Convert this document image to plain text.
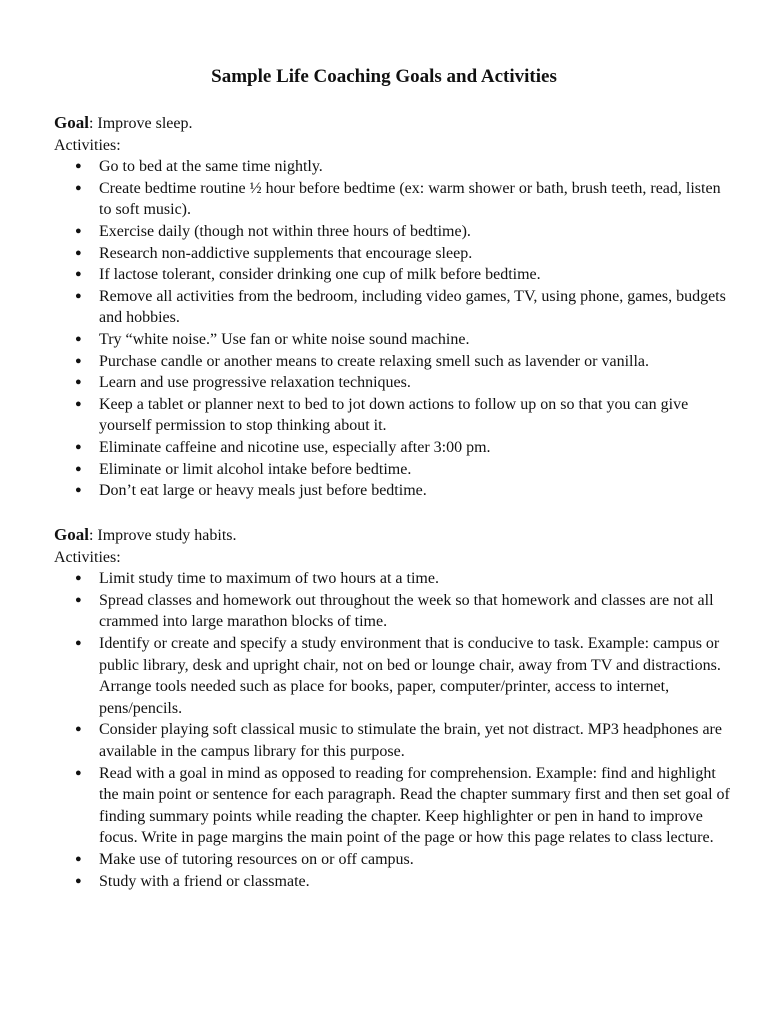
Sample Life Coaching Goals and Activities
Goal: Improve sleep.
Activities:
●
Go to bed at the same time nightly.
●
Create bedtime routine ½ hour before bedtime (ex: warm shower or bath, brush teeth, read, listen to soft music).
●
Exercise daily (though not within three hours of bedtime).
●
Research non-addictive supplements that encourage sleep.
●
If lactose tolerant, consider drinking one cup of milk before bedtime.
●
Remove all activities from the bedroom, including video games, TV, using phone, games, budgets and hobbies.
●
Try “white noise.” Use fan or white noise sound machine.
●
Purchase candle or another means to create relaxing smell such as lavender or vanilla.
●
Learn and use progressive relaxation techniques.
●
Keep a tablet or planner next to bed to jot down actions to follow up on so that you can give yourself permission to stop thinking about it.
●
Eliminate caffeine and nicotine use, especially after 3:00 pm.
●
Eliminate or limit alcohol intake before bedtime.
●
Don’t eat large or heavy meals just before bedtime.
Goal: Improve study habits.
Activities:
●
Limit study time to maximum of two hours at a time.
●
Spread classes and homework out throughout the week so that homework and classes are not all crammed into large marathon blocks of time.
●
Identify or create and specify a study environment that is conducive to task. Example: campus or public library, desk and upright chair, not on bed or lounge chair, away from TV and distractions. Arrange tools needed such as place for books, paper, computer/printer, access to internet, pens/pencils.
●
Consider playing soft classical music to stimulate the brain, yet not distract. MP3 headphones are available in the campus library for this purpose.
●
Read with a goal in mind as opposed to reading for comprehension. Example: find and highlight the main point or sentence for each paragraph. Read the chapter summary first and then set goal of finding summary points while reading the chapter. Keep highlighter or pen in hand to improve focus. Write in page margins the main point of the page or how this page relates to class lecture.
●
Make use of tutoring resources on or off campus.
●
Study with a friend or classmate.
